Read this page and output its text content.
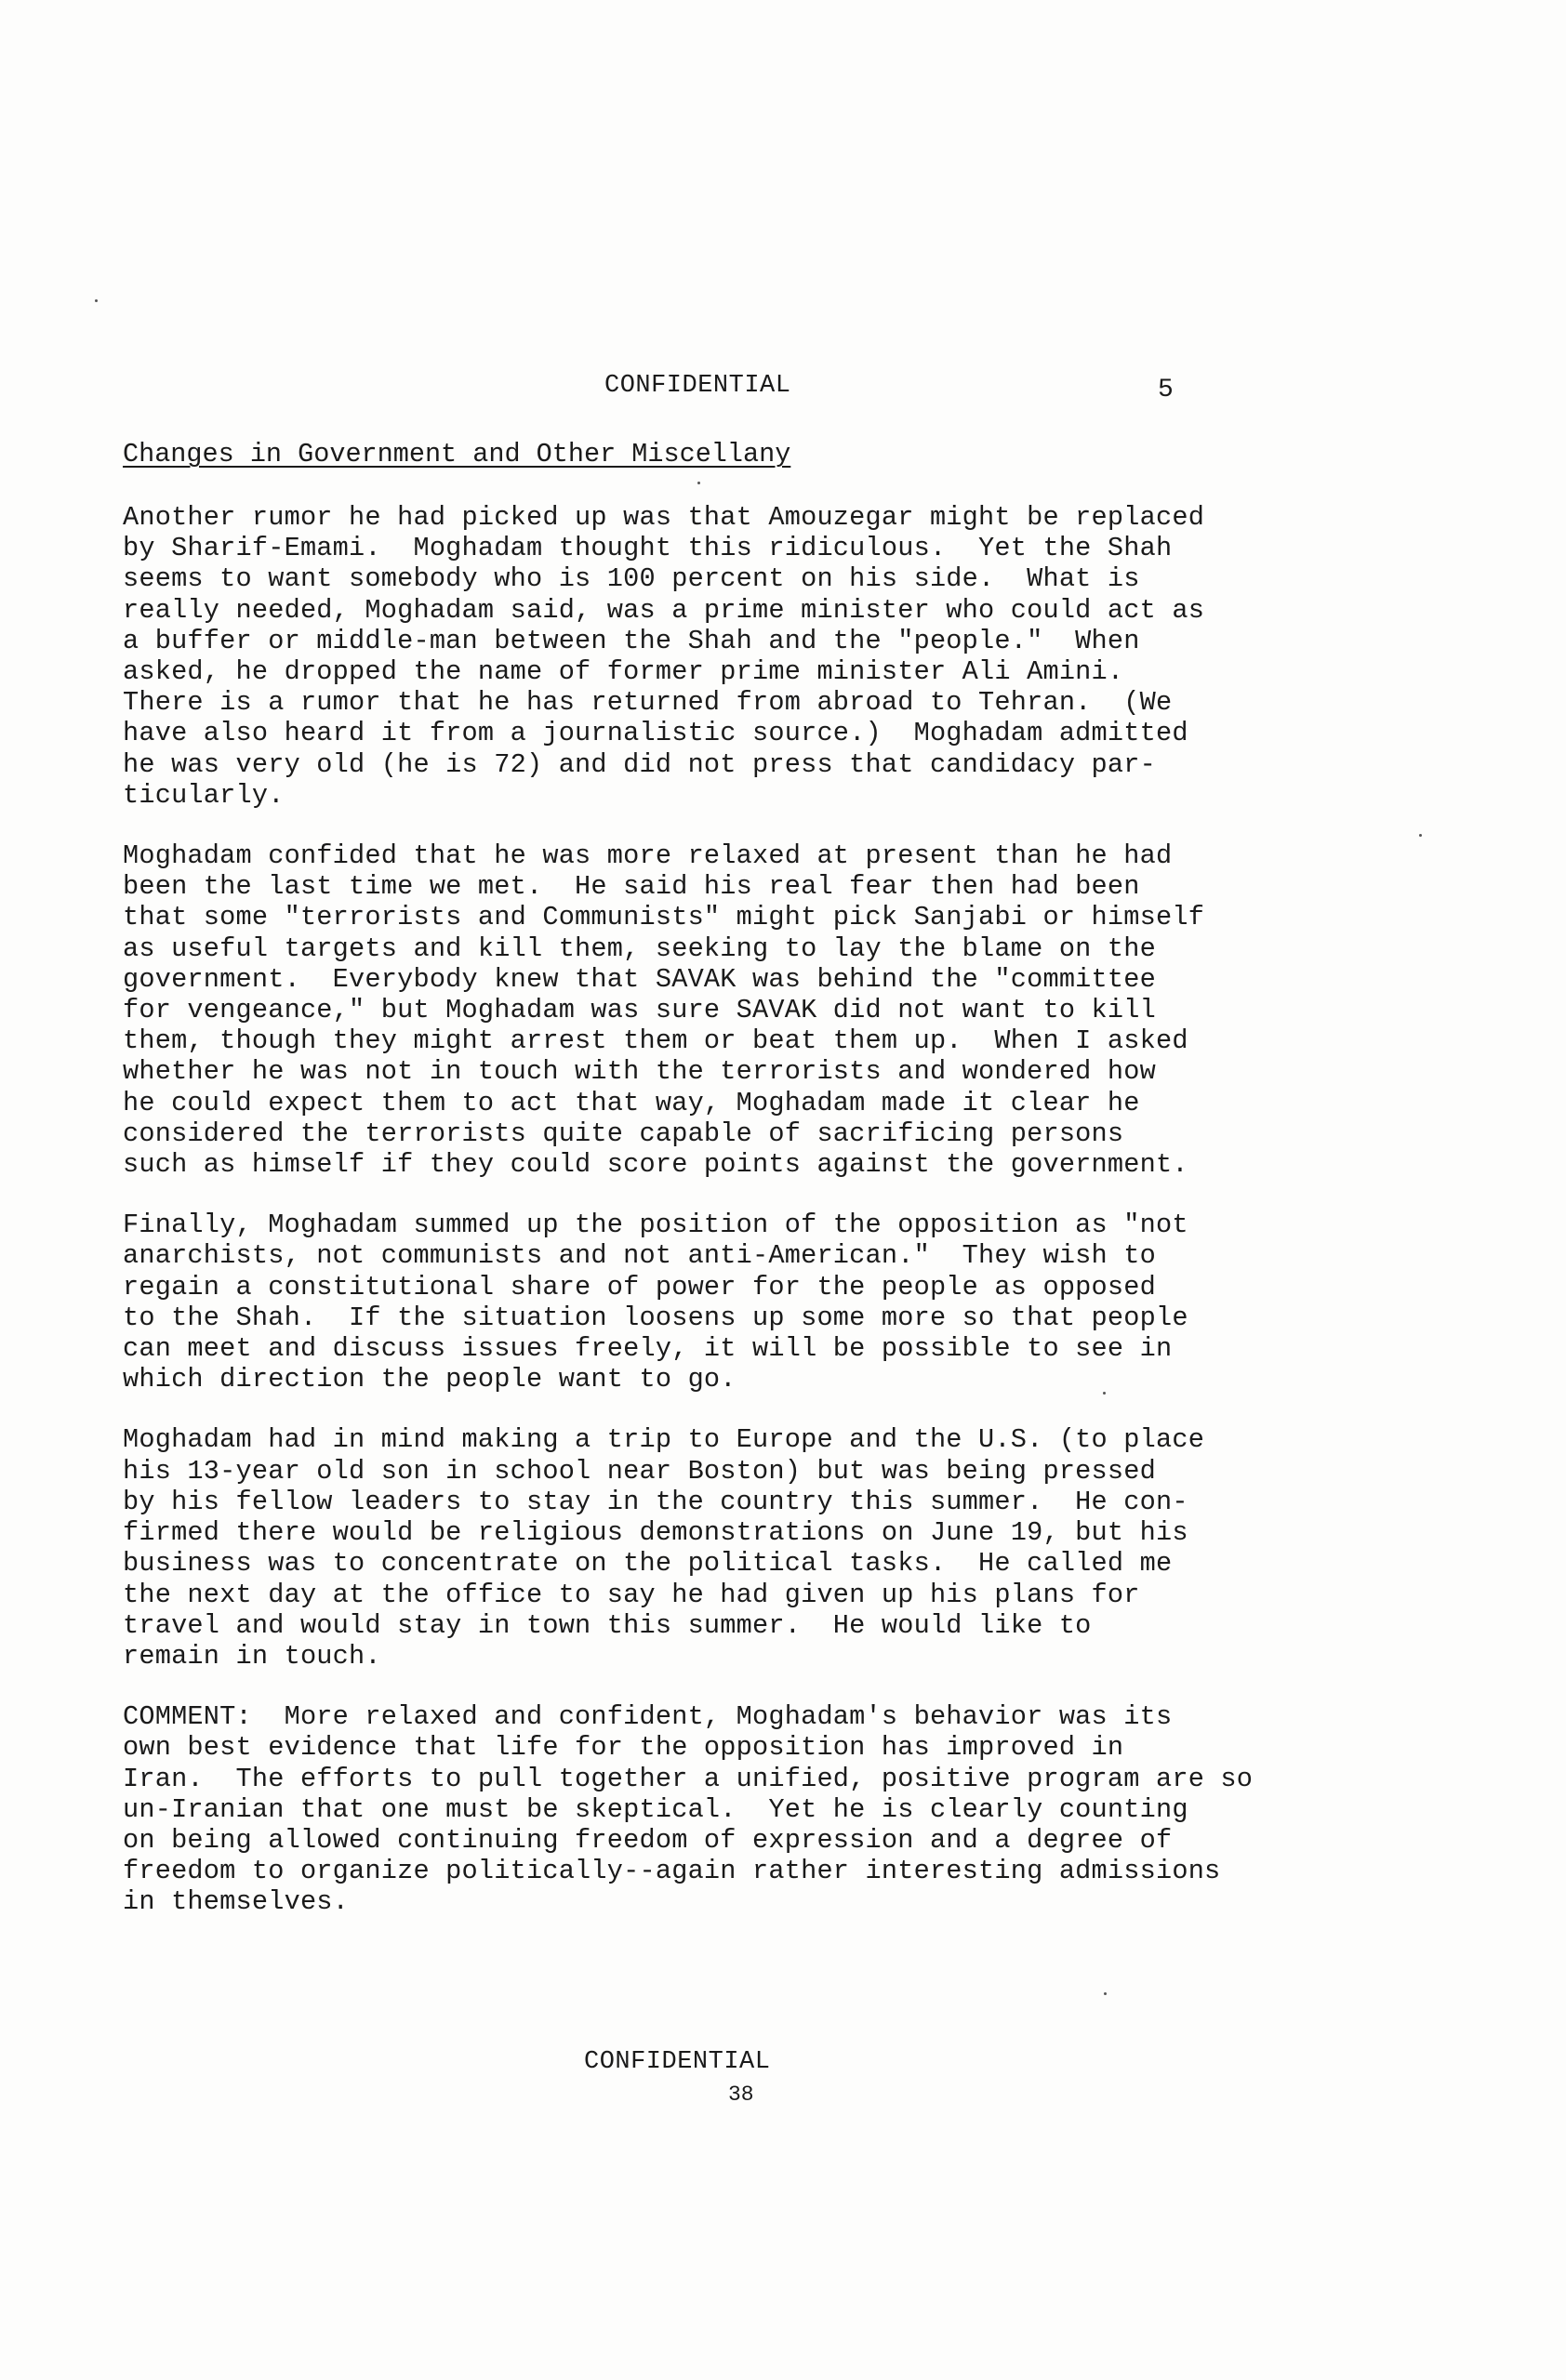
CONFIDENTIAL	5
Changes in Government and Other Miscellany
Another rumor he had picked up was that Amouzegar might be replaced
by Sharif-Emami.  Moghadam thought this ridiculous.  Yet the Shah
seems to want somebody who is 100 percent on his side.  What is
really needed, Moghadam said, was a prime minister who could act as
a buffer or middle-man between the Shah and the "people."  When
asked, he dropped the name of former prime minister Ali Amini.
There is a rumor that he has returned from abroad to Tehran.  (We
have also heard it from a journalistic source.)  Moghadam admitted
he was very old (he is 72) and did not press that candidacy par-
ticularly.
Moghadam confided that he was more relaxed at present than he had
been the last time we met.  He said his real fear then had been
that some "terrorists and Communists" might pick Sanjabi or himself
as useful targets and kill them, seeking to lay the blame on the
government.  Everybody knew that SAVAK was behind the "committee
for vengeance," but Moghadam was sure SAVAK did not want to kill
them, though they might arrest them or beat them up.  When I asked
whether he was not in touch with the terrorists and wondered how
he could expect them to act that way, Moghadam made it clear he
considered the terrorists quite capable of sacrificing persons
such as himself if they could score points against the government.
Finally, Moghadam summed up the position of the opposition as "not
anarchists, not communists and not anti-American."  They wish to
regain a constitutional share of power for the people as opposed
to the Shah.  If the situation loosens up some more so that people
can meet and discuss issues freely, it will be possible to see in
which direction the people want to go.
Moghadam had in mind making a trip to Europe and the U.S. (to place
his 13-year old son in school near Boston) but was being pressed
by his fellow leaders to stay in the country this summer.  He con-
firmed there would be religious demonstrations on June 19, but his
business was to concentrate on the political tasks.  He called me
the next day at the office to say he had given up his plans for
travel and would stay in town this summer.  He would like to
remain in touch.
COMMENT:  More relaxed and confident, Moghadam's behavior was its
own best evidence that life for the opposition has improved in
Iran.  The efforts to pull together a unified, positive program are so
un-Iranian that one must be skeptical.  Yet he is clearly counting
on being allowed continuing freedom of expression and a degree of
freedom to organize politically--again rather interesting admissions
in themselves.
CONFIDENTIAL
38
